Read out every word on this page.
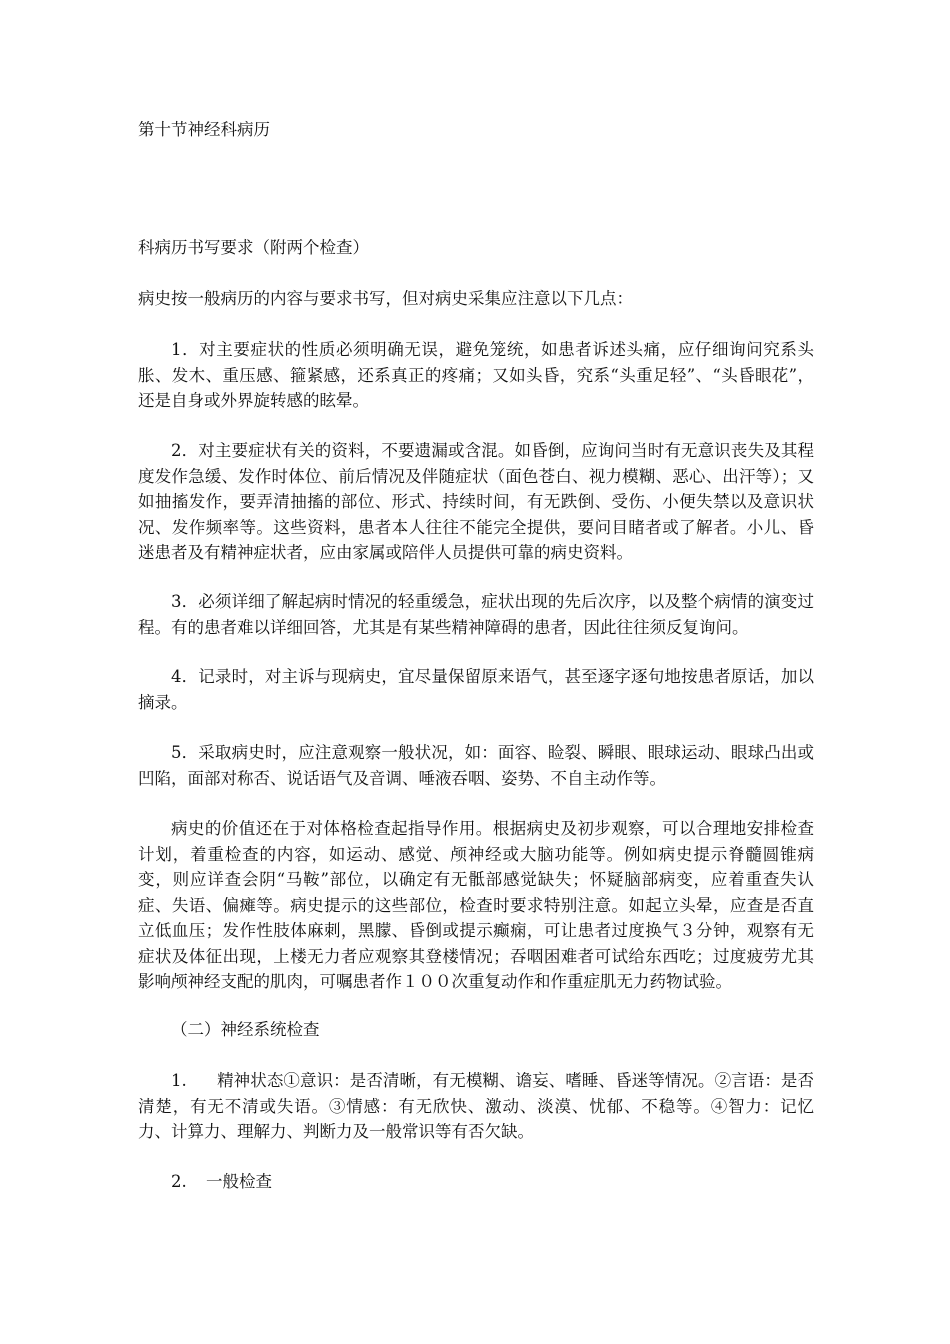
第十节神经科病历

科病历书写要求（附两个检查）

病史按一般病历的内容与要求书写，但对病史采集应注意以下几点：

1．对主要症状的性质必须明确无误，避免笼统，如患者诉述头痛，应仔细询问究系头胀、发木、重压感、箍紧感，还系真正的疼痛；又如头昏，究系“头重足轻”、“头昏眼花”，还是自身或外界旋转感的眩晕。

2．对主要症状有关的资料，不要遗漏或含混。如昏倒，应询问当时有无意识丧失及其程度发作急缓、发作时体位、前后情况及伴随症状（面色苍白、视力模糊、恶心、出汗等）；又如抽搐发作，要弄清抽搐的部位、形式、持续时间，有无跌倒、受伤、小便失禁以及意识状况、发作频率等。这些资料，患者本人往往不能完全提供，要问目睹者或了解者。小儿、昏迷患者及有精神症状者，应由家属或陪伴人员提供可靠的病史资料。

3．必须详细了解起病时情况的轻重缓急，症状出现的先后次序，以及整个病情的演变过程。有的患者难以详细回答，尤其是有某些精神障碍的患者，因此往往须反复询问。

4．记录时，对主诉与现病史，宜尽量保留原来语气，甚至逐字逐句地按患者原话，加以摘录。

5．采取病史时，应注意观察一般状况，如：面容、睑裂、瞬眼、眼球运动、眼球凸出或凹陷，面部对称否、说话语气及音调、唾液吞咽、姿势、不自主动作等。

病史的价值还在于对体格检查起指导作用。根据病史及初步观察，可以合理地安排检查计划，着重检查的内容，如运动、感觉、颅神经或大脑功能等。例如病史提示脊髓圆锥病变，则应详查会阴“马鞍”部位，以确定有无骶部感觉缺失；怀疑脑部病变，应着重查失认症、失语、偏瘫等。病史提示的这些部位，检查时要求特别注意。如起立头晕，应查是否直立低血压；发作性肢体麻刺，黑朦、昏倒或提示癫痫，可让患者过度换气３分钟，观察有无症状及体征出现，上楼无力者应观察其登楼情况；吞咽困难者可试给东西吃；过度疲劳尤其影响颅神经支配的肌肉，可嘱患者作１００次重复动作和作重症肌无力药物试验。

（二）神经系统检查

1. 精神状态①意识：是否清晰，有无模糊、谵妄、嗜睡、昏迷等情况。②言语：是否清楚，有无不清或失语。③情感：有无欣快、激动、淡漠、忧郁、不稳等。④智力：记忆力、计算力、理解力、判断力及一般常识等有否欠缺。

2. 一般检查
